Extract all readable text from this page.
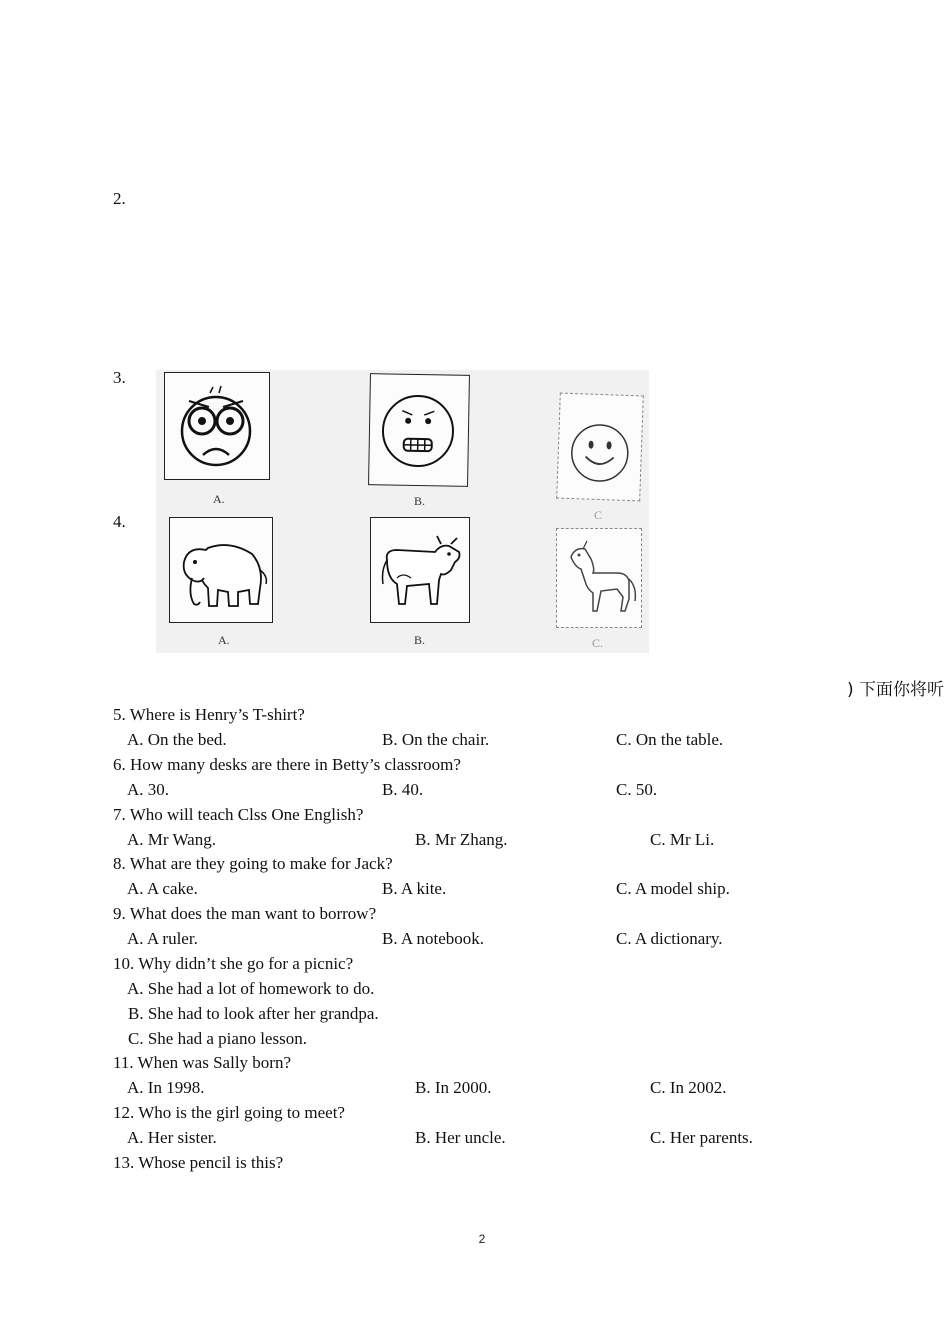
2.
3.
4.
A.	B.
C
A.	B.	C.
) 下面你将听
5. Where is Henry’s T-shirt?
A. On the bed.	B. On the chair.	C. On the table.
6. How many desks are there in Betty’s classroom?
A. 30.	B. 40.	C. 50.
7. Who will teach Clss One English?
A. Mr Wang.	B. Mr Zhang.	C. Mr Li.
8. What are they going to make for Jack?
A. A cake.	B. A kite.	C. A model ship.
9. What does the man want to borrow?
A. A ruler.	B. A notebook.	C. A dictionary.
10. Why didn’t she go for a picnic?
A. She had a lot of homework to do.
B. She had to look after her grandpa.
C. She had a piano lesson.
11. When was Sally born?
A. In 1998.	B. In 2000.	C. In 2002.
12. Who is the girl going to meet?
A. Her sister.	B. Her uncle.	C. Her parents.
13. Whose pencil is this?
2
